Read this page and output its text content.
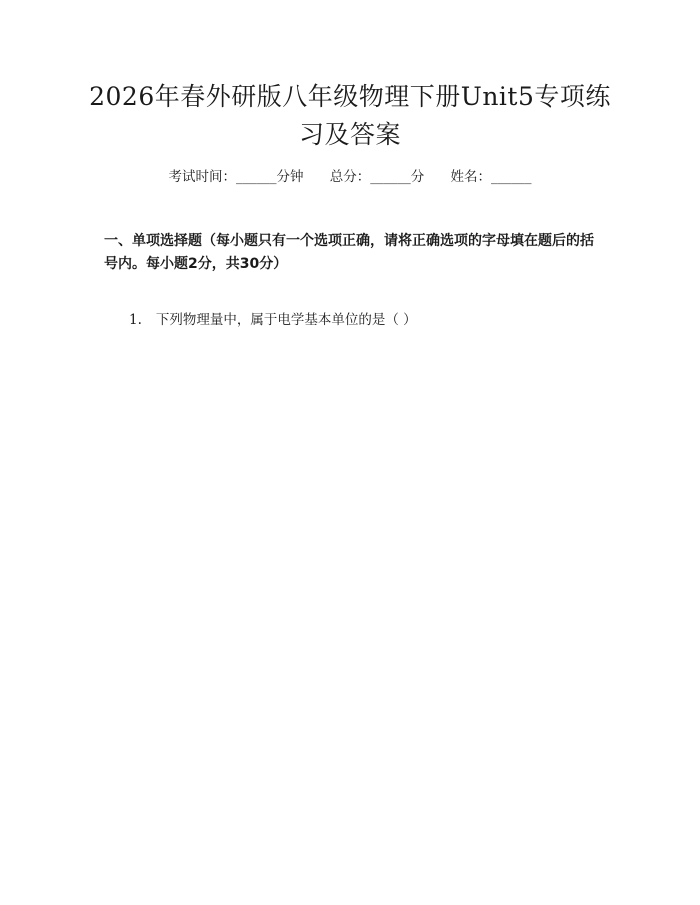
2026年春外研版八年级物理下册Unit5专项练习及答案
考试时间：______分钟 总分：______分 姓名：______
一、单项选择题（每小题只有一个选项正确，请将正确选项的字母填在题后的括号内。每小题2分，共30分）
1. 下列物理量中，属于电学基本单位的是（ ）
